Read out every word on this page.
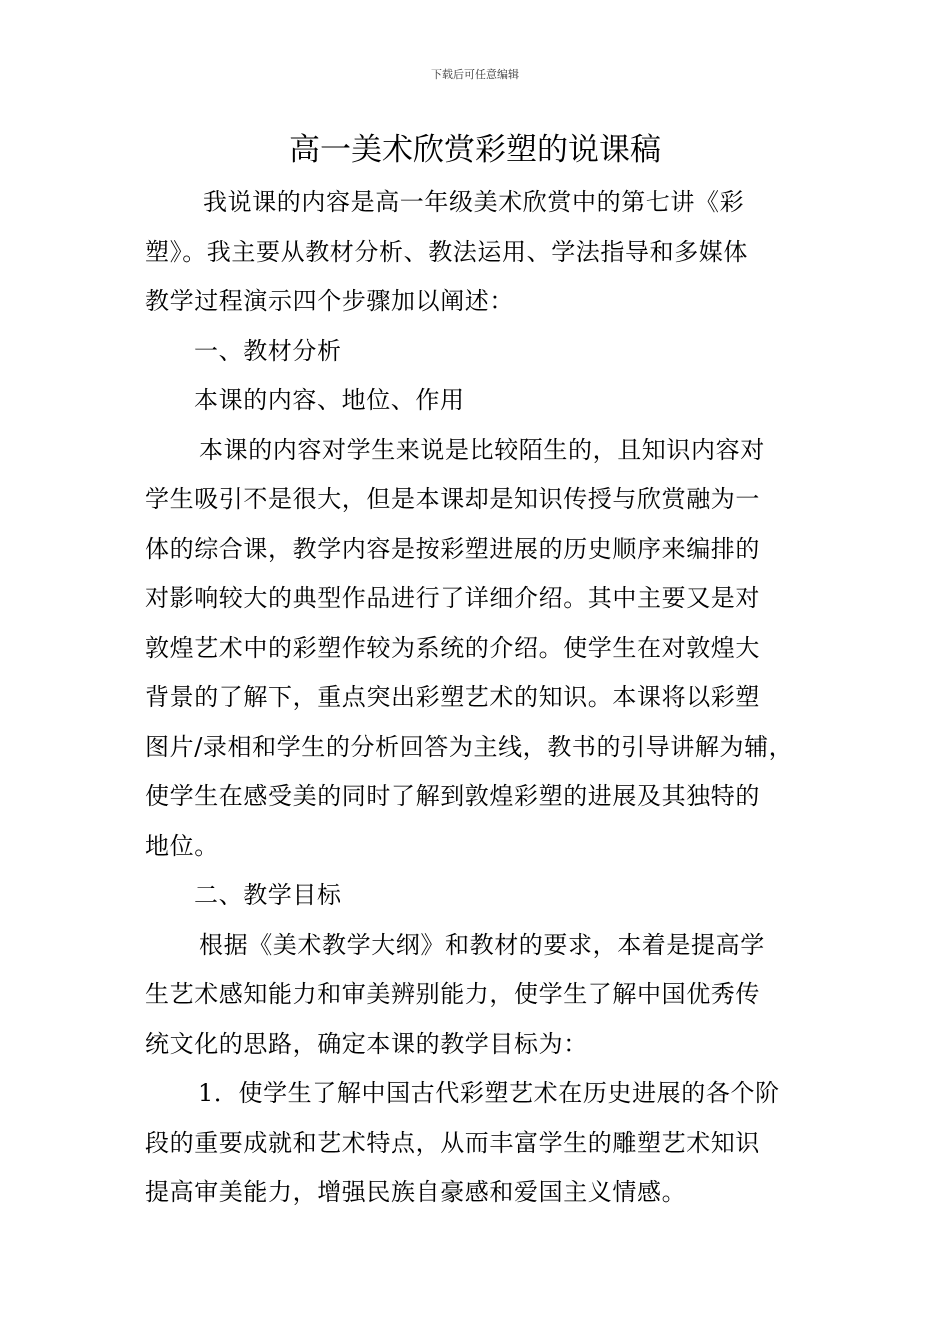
下载后可任意编辑
高一美术欣赏彩塑的说课稿

我说课的内容是高一年级美术欣赏中的第七讲《彩

塑》。我主要从教材分析、教法运用、学法指导和多媒体

教学过程演示四个步骤加以阐述：

一、教材分析

本课的内容、地位、作用

本课的内容对学生来说是比较陌生的，且知识内容对

学生吸引不是很大，但是本课却是知识传授与欣赏融为一

体的综合课，教学内容是按彩塑进展的历史顺序来编排的

对影响较大的典型作品进行了详细介绍。其中主要又是对

敦煌艺术中的彩塑作较为系统的介绍。使学生在对敦煌大

背景的了解下，重点突出彩塑艺术的知识。本课将以彩塑

图片/录相和学生的分析回答为主线，教书的引导讲解为辅，

使学生在感受美的同时了解到敦煌彩塑的进展及其独特的

地位。

二、教学目标

根据《美术教学大纲》和教材的要求，本着是提高学

生艺术感知能力和审美辨别能力，使学生了解中国优秀传

统文化的思路，确定本课的教学目标为：

1．使学生了解中国古代彩塑艺术在历史进展的各个阶

段的重要成就和艺术特点，从而丰富学生的雕塑艺术知识

提高审美能力，增强民族自豪感和爱国主义情感。
